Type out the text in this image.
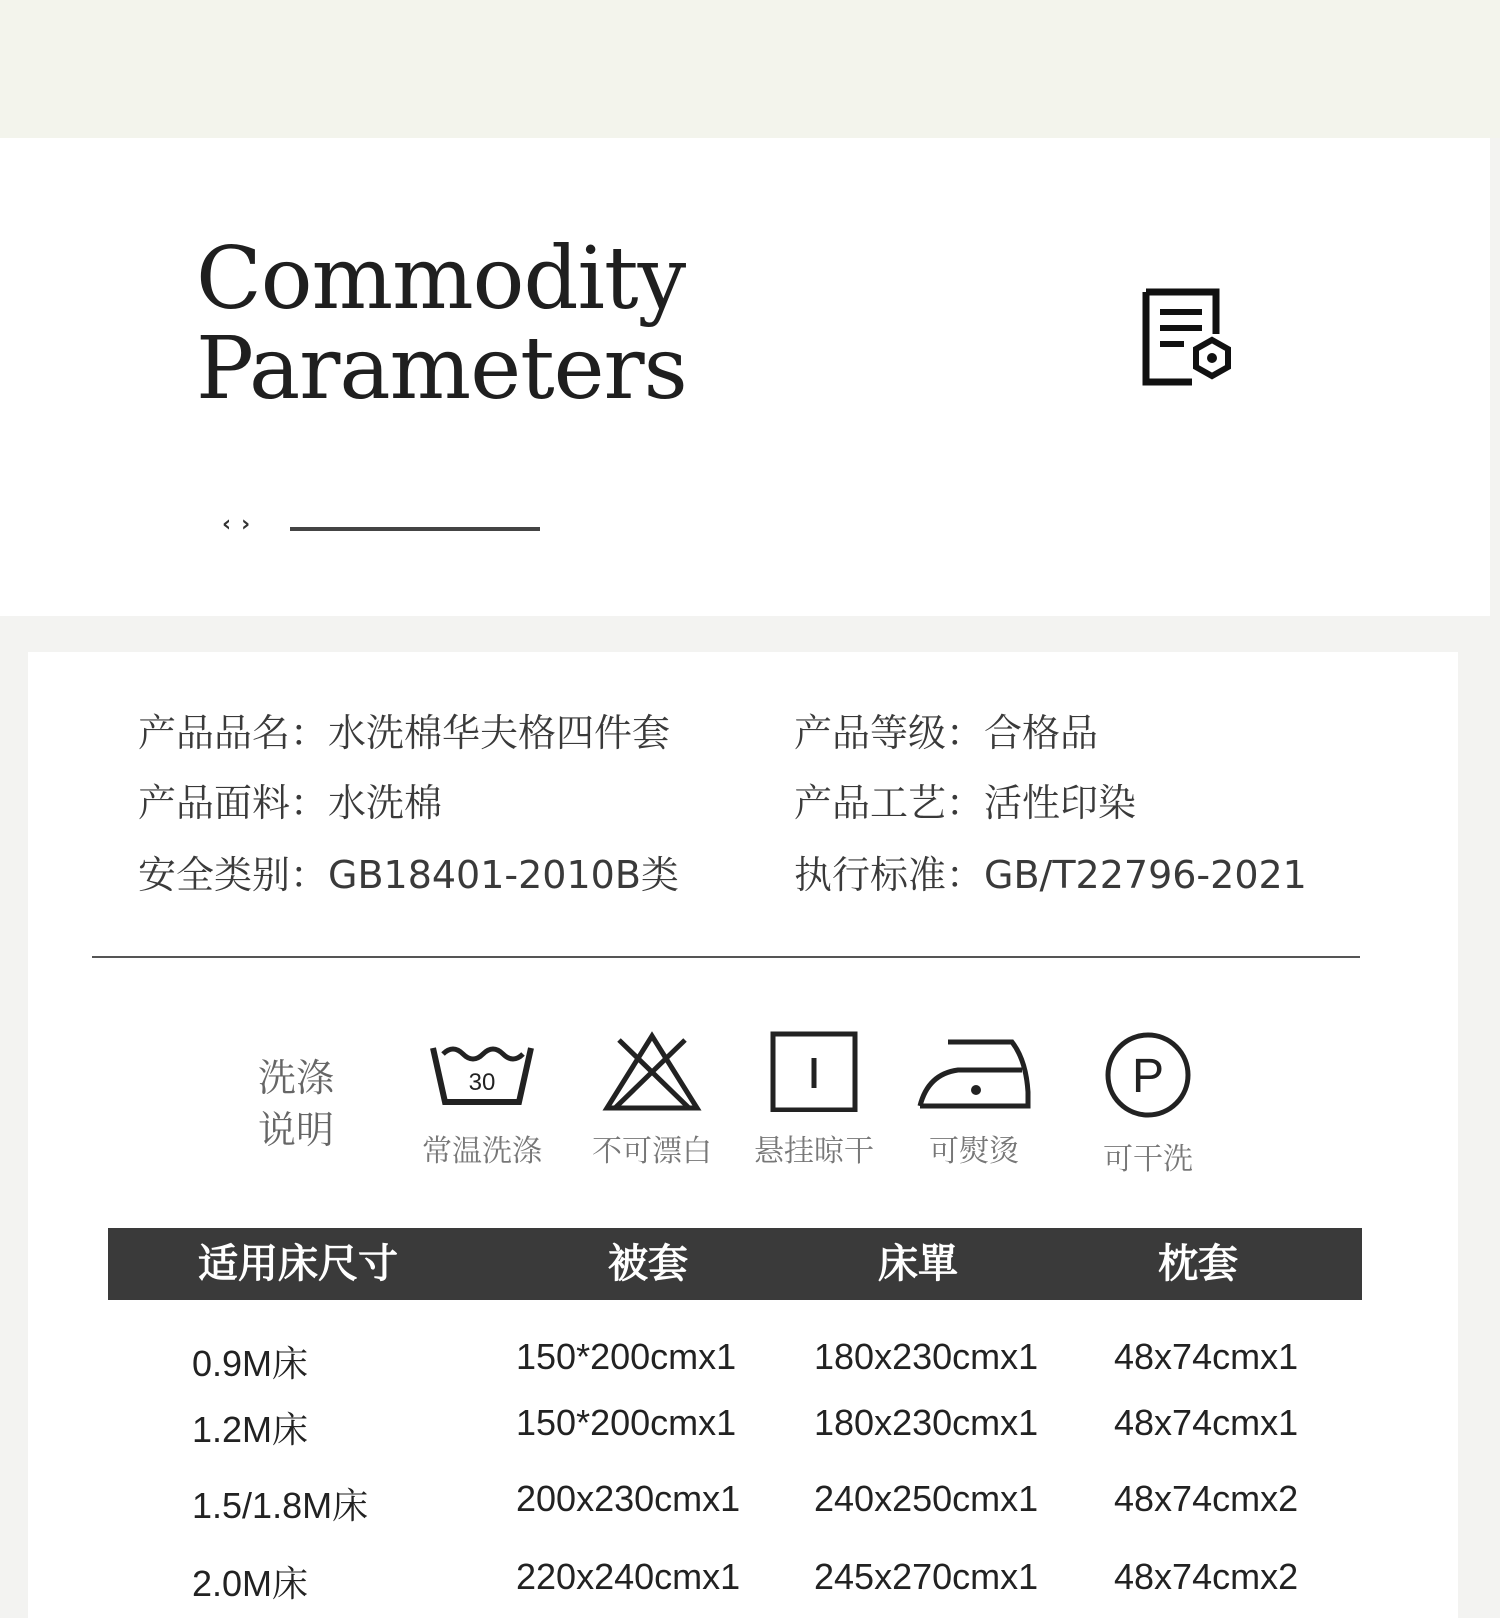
Commodity
Parameters
‹›
产品品名：水洗棉华夫格四件套	产品等级：合格品
产品面料：水洗棉	产品工艺：活性印染
安全类别：GB18401-2010B类	执行标准：GB/T22796-2021
洗涤
说明
30
常温洗涤	不可漂白	悬挂晾干	可熨烫
P
可干洗
适用床尺寸	被套	床單	枕套
0.9M床	150*200cmx1 180x230cmx1 48x74cmx1
1.2M床	150*200cmx1 180x230cmx1 48x74cmx1
1.5/1.8M床	200x230cmx1 240x250cmx1 48x74cmx2
2.0M床	220x240cmx1 245x270cmx1 48x74cmx2
